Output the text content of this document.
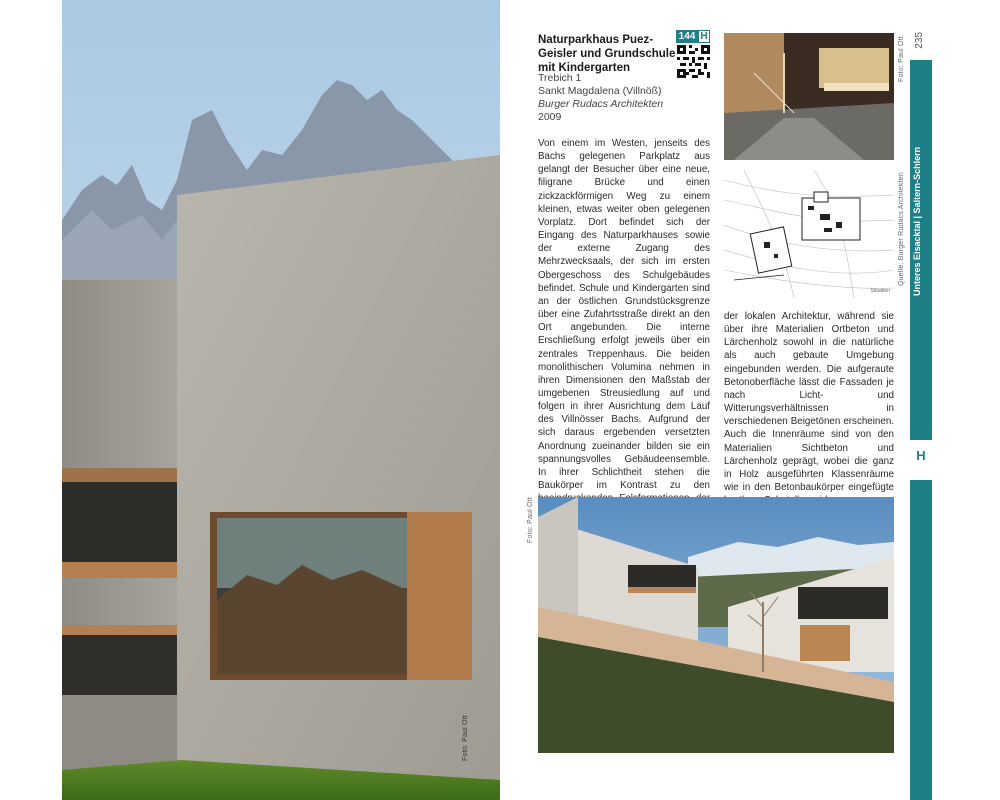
Foto: Paul Ott
Naturparkhaus Puez-Geisler und Grundschule mit Kindergarten
Trebich 1
Sankt Magdalena (Villnöß)
Burger Rudacs Architekten
2009
144 H

Von einem im Westen, jenseits des Bachs gelegenen Parkplatz aus gelangt der Besucher über eine neue, filigrane Brücke und einen zickzackförmigen Weg zu einem kleinen, etwas weiter oben gelegenen Vorplatz. Dort befindet sich der Eingang des Naturparkhauses sowie der externe Zugang des Mehrzwecksaals, der sich im ersten Obergeschoss des Schulgebäudes befindet. Schule und Kindergarten sind an der östlichen Grundstücksgrenze über eine Zufahrtsstraße direkt an den Ort angebunden. Die interne Erschließung erfolgt jeweils über ein zentrales Treppenhaus. Die beiden monolithischen Volumina nehmen in ihren Dimensionen den Maßstab der umgebenen Streusiedlung auf und folgen in ihrer Ausrichtung dem Lauf des Villnösser Bachs. Aufgrund der sich daraus ergebenden versetzten Anordnung zueinander bilden sie ein spannungsvolles Gebäudeensemble. In ihrer Schlichtheit stehen die Baukörper im Kontrast zu den

der lokalen Architektur, während sie über ihre Materialien Ortbeton und Lärchenholz sowohl in die natürliche als auch gebaute Umgebung eingebunden werden. Die aufgeraute Betonoberfläche lässt die Fassaden je nach Licht- und Witterungsverhältnissen in verschiedenen Beigetönen erscheinen. Auch die Innenräume sind von den Materialien Sichtbeton und Lärchenholz geprägt, wobei die ganz in Holz ausgeführten Klassenräume wie in den Betonbaukörper eingefügte

Foto: Paul Ott
Situation
Quelle: Burger Rudacs Architekten
Foto: Paul Ott
Unteres Eisacktal | Saltern-Schlern
H
235
